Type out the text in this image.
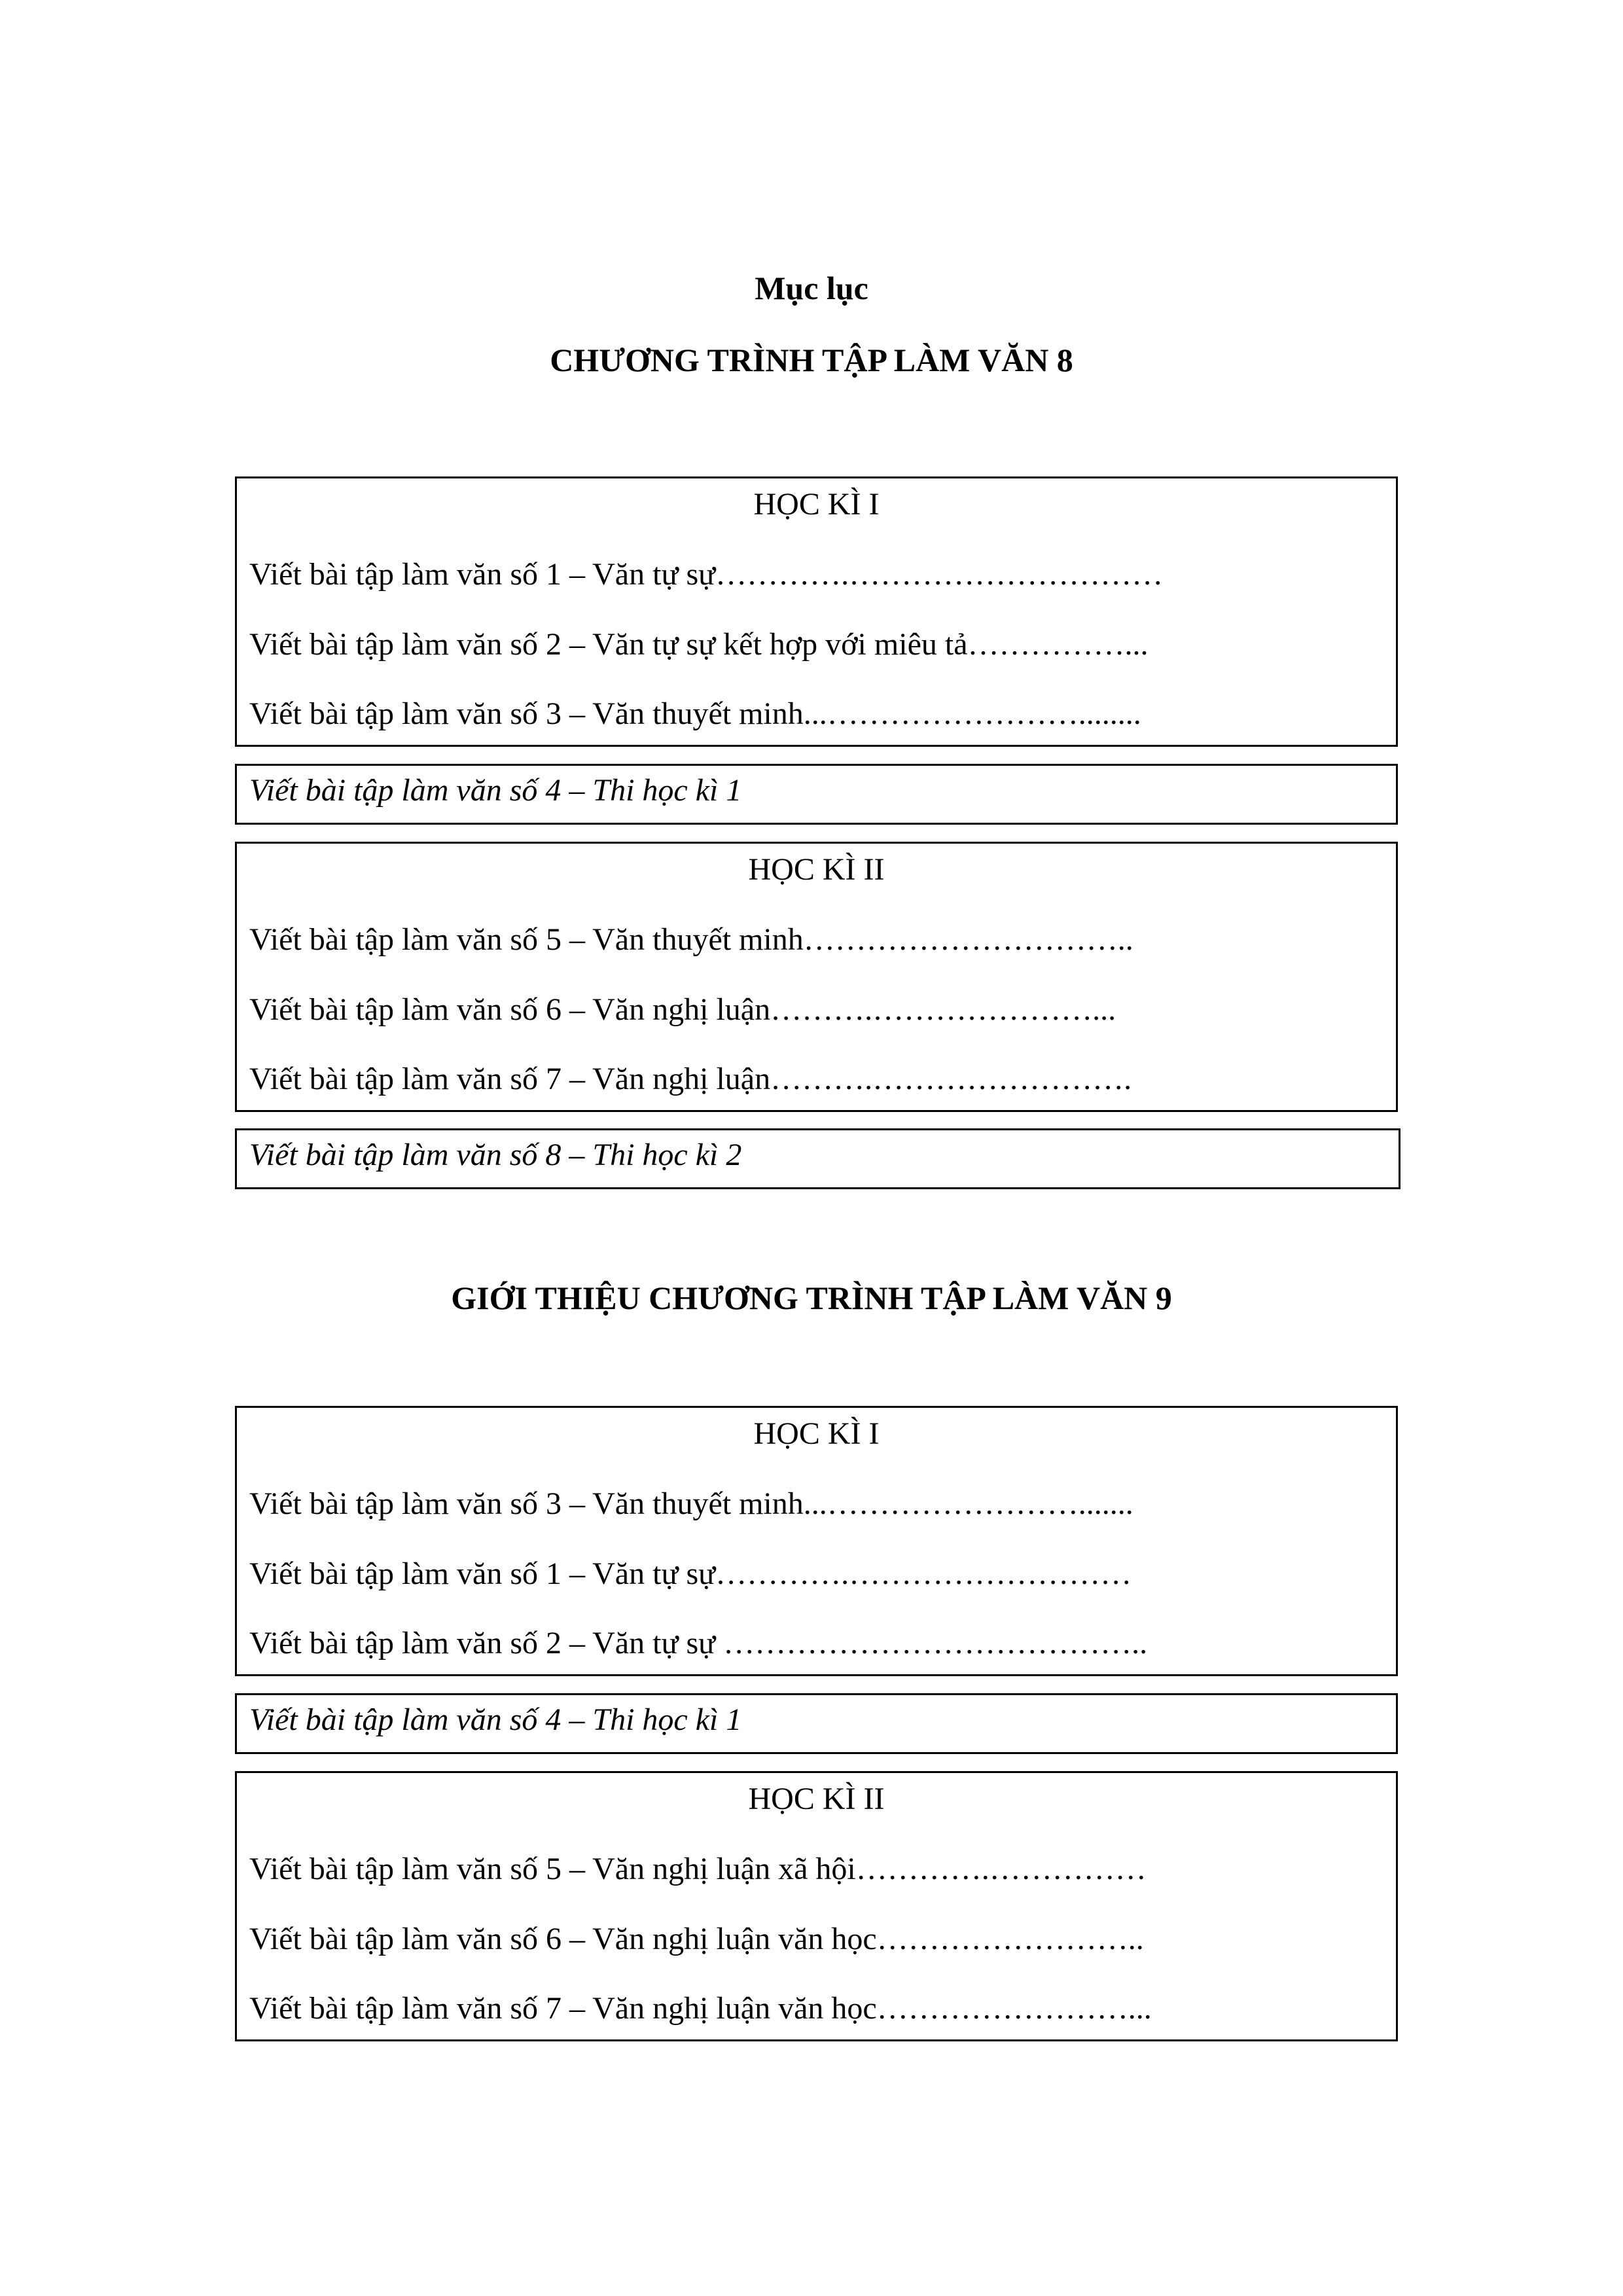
Mục lục
CHƯƠNG TRÌNH TẬP LÀM VĂN 8
HỌC KÌ I
Viết bài tập làm văn số 1 – Văn tự sự………….…………………………
Viết bài tập làm văn số 2 – Văn tự sự kết hợp với miêu tả……………...
Viết bài tập làm văn số 3 – Văn thuyết minh...……………………........
Viết bài tập làm văn số 4 – Thi học kì 1
HỌC KÌ II
Viết bài tập làm văn số 5 – Văn thuyết minh…………………………..
Viết bài tập làm văn số 6 – Văn nghị luận……….…………………...
Viết bài tập làm văn số 7 – Văn nghị luận……….…………………….
Viết bài tập làm văn số 8 – Thi học kì 2
GIỚI THIỆU CHƯƠNG TRÌNH TẬP LÀM VĂN 9
HỌC KÌ I
Viết bài tập làm văn số 3 – Văn thuyết minh...…………………….......
Viết bài tập làm văn số 1 – Văn tự sự………….………………………
Viết bài tập làm văn số 2 – Văn tự sự …………………………………..
Viết bài tập làm văn số 4 – Thi học kì 1
HỌC KÌ II
Viết bài tập làm văn số 5 – Văn nghị luận xã hội………….……………
Viết bài tập làm văn số 6 – Văn nghị luận văn học……………………..
Viết bài tập làm văn số 7 – Văn nghị luận văn học……………………...
